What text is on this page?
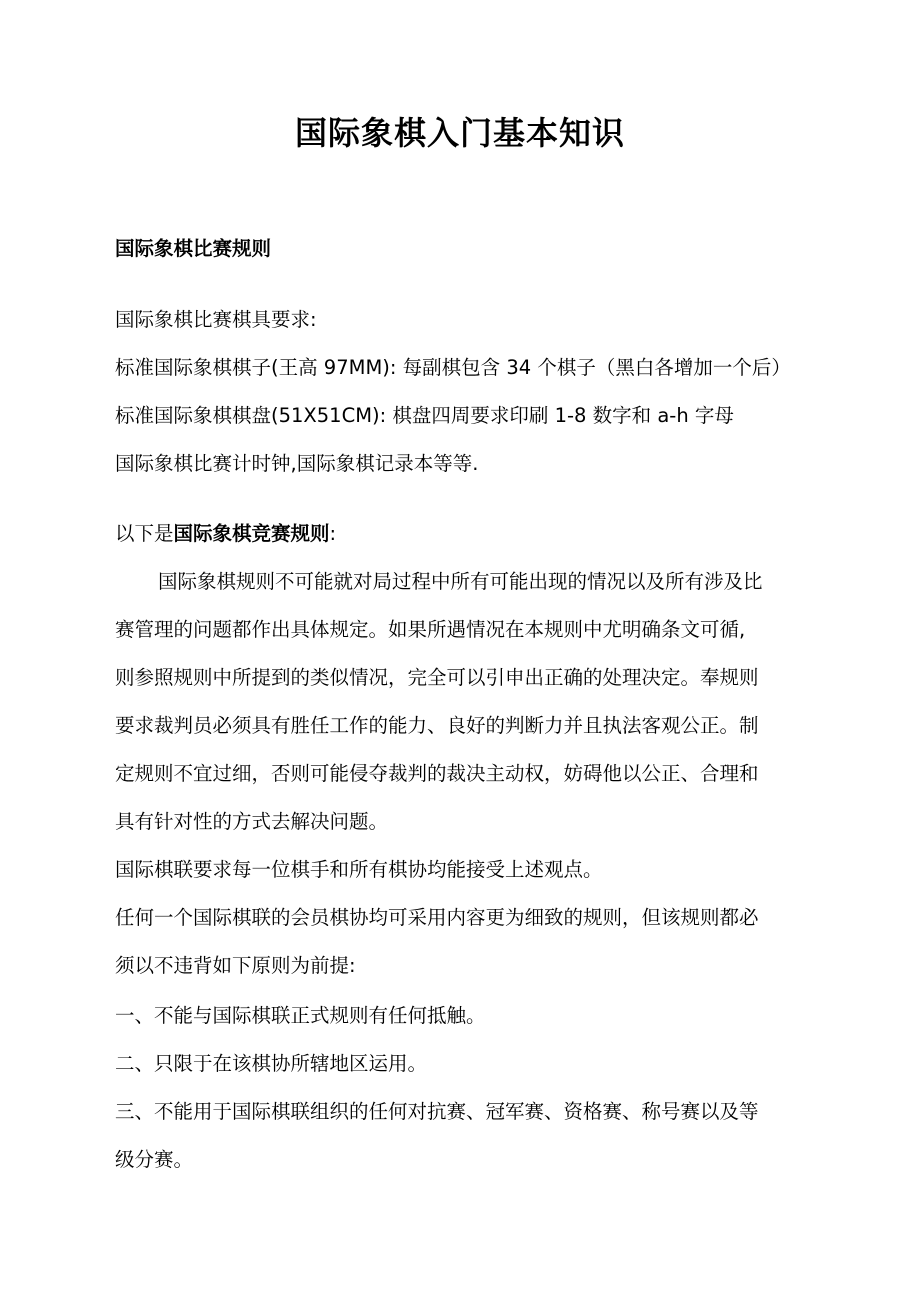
国际象棋入门基本知识
国际象棋比赛规则
国际象棋比赛棋具要求:
标准国际象棋棋子(王高 97MM): 每副棋包含 34 个棋子（黑白各增加一个后）
标准国际象棋棋盘(51X51CM): 棋盘四周要求印刷 1-8 数字和 a-h 字母
国际象棋比赛计时钟,国际象棋记录本等等.
以下是国际象棋竞赛规则:
国际象棋规则不可能就对局过程中所有可能出现的情况以及所有涉及比
赛管理的问题都作出具体规定。如果所遇情况在本规则中尤明确条文可循,
则参照规则中所提到的类似情况，完全可以引申出正确的处理决定。奉规则
要求裁判员必须具有胜任工作的能力、良好的判断力并且执法客观公正。制
定规则不宜过细，否则可能侵夺裁判的裁决主动权，妨碍他以公正、合理和
具有针对性的方式去解决问题。
国际棋联要求每一位棋手和所有棋协均能接受上述观点。
任何一个国际棋联的会员棋协均可采用内容更为细致的规则，但该规则都必
须以不违背如下原则为前提:
一、不能与国际棋联正式规则有任何抵触。
二、只限于在该棋协所辖地区运用。
三、不能用于国际棋联组织的任何对抗赛、冠军赛、资格赛、称号赛以及等
级分赛。
